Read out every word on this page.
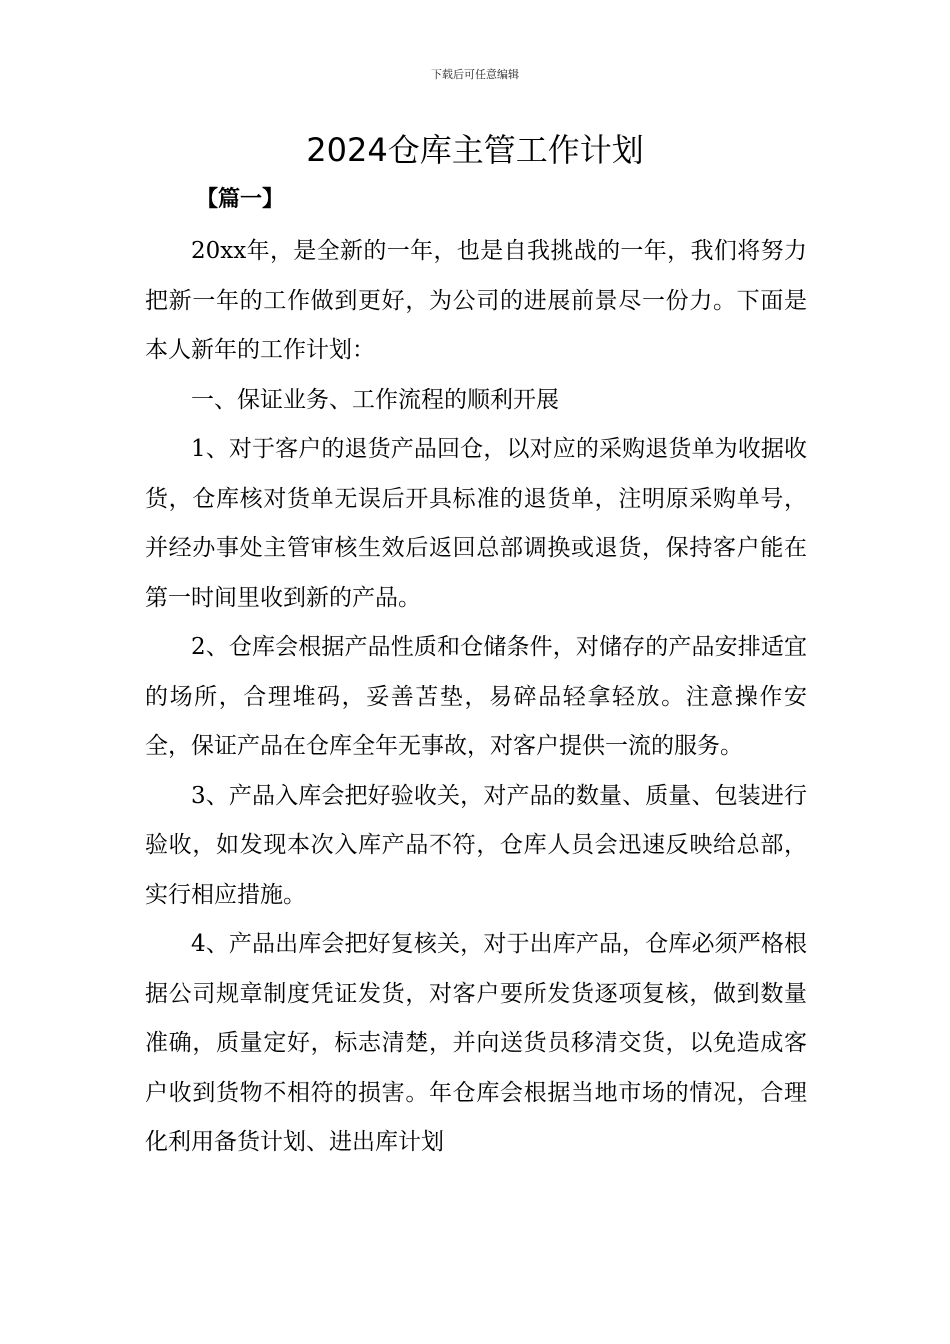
下载后可任意编辑
2024仓库主管工作计划
【篇一】

20xx年，是全新的一年，也是自我挑战的一年，我们将努力把新一年的工作做到更好，为公司的进展前景尽一份力。下面是本人新年的工作计划：

一、保证业务、工作流程的顺利开展

1、对于客户的退货产品回仓，以对应的采购退货单为收据收货，仓库核对货单无误后开具标准的退货单，注明原采购单号，并经办事处主管审核生效后返回总部调换或退货，保持客户能在第一时间里收到新的产品。

2、仓库会根据产品性质和仓储条件，对储存的产品安排适宜的场所，合理堆码，妥善苫垫，易碎品轻拿轻放。注意操作安全，保证产品在仓库全年无事故，对客户提供一流的服务。

3、产品入库会把好验收关，对产品的数量、质量、包装进行验收，如发现本次入库产品不符，仓库人员会迅速反映给总部，实行相应措施。

4、产品出库会把好复核关，对于出库产品，仓库必须严格根据公司规章制度凭证发货，对客户要所发货逐项复核，做到数量准确，质量定好，标志清楚，并向送货员移清交货，以免造成客户收到货物不相符的损害。年仓库会根据当地市场的情况，合理化利用备货计划、进出库计划
